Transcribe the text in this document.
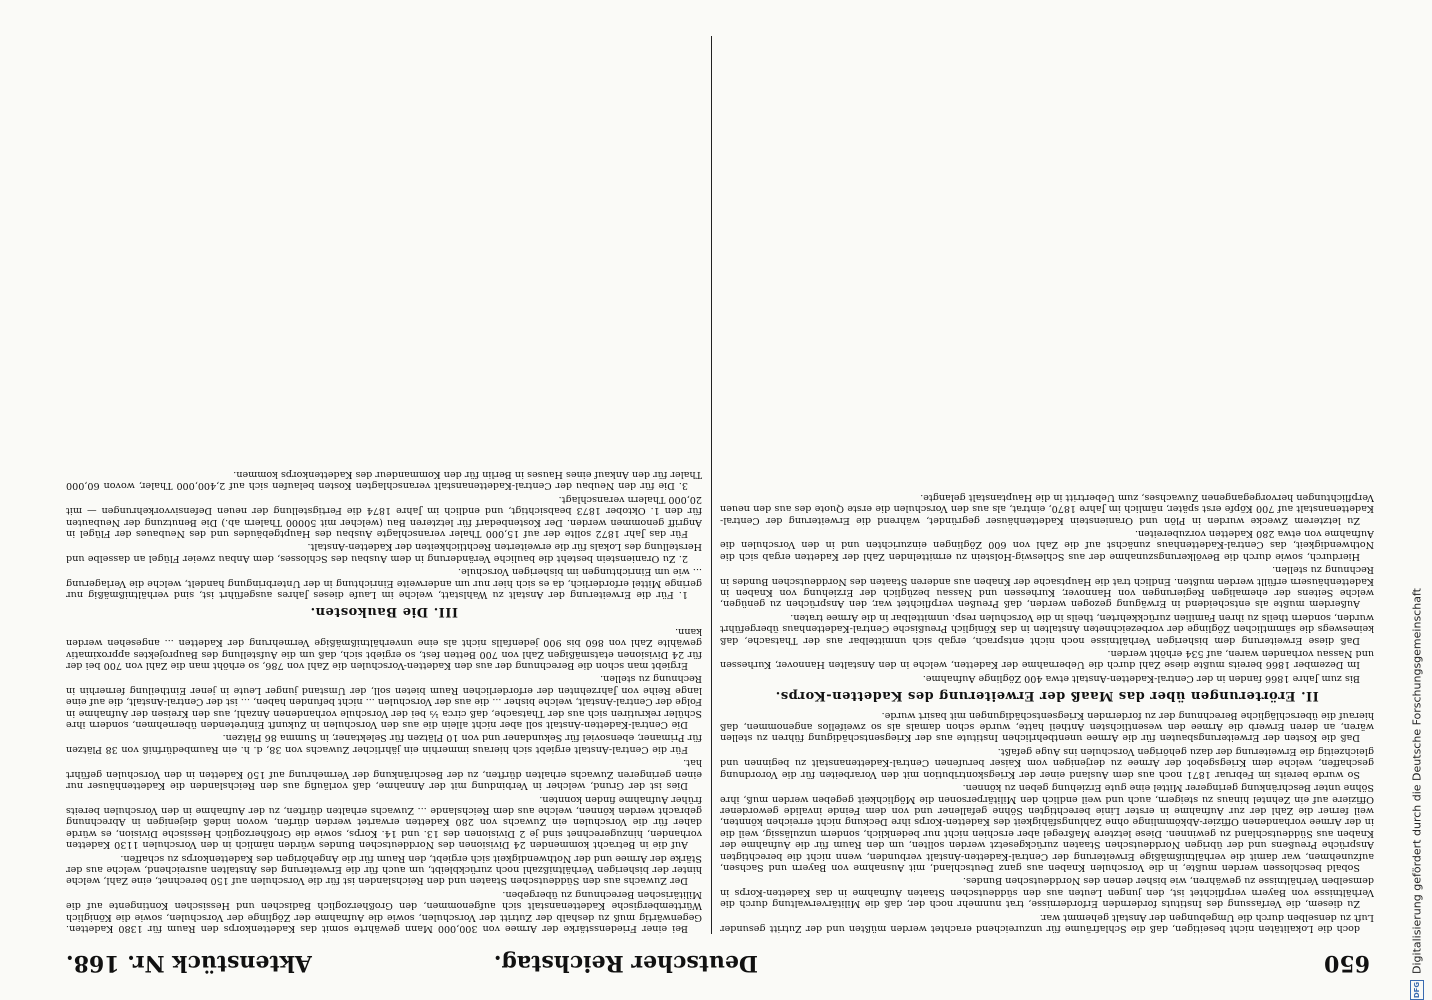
650
Deutscher Reichstag.
Aktenstück Nr. 168.

doch die Lokalitäten nicht beseitigen, daß die Schlafräume für unzureichend erachtet werden müßten und der Zutritt gesunder Luft zu denselben durch die Umgebungen der Anstalt gehemmt war.

Zu diesem, die Verfassung des Instituts fordernden Erfordernisse, trat nunmehr noch der, daß die Militärverwaltung durch die Verhältnisse von Bayern verpflichtet ist, den jungen Leuten aus den süddeutschen Staaten Aufnahme in das Kadetten-Korps in demselben Verhältnisse zu gewähren, wie bisher denen des Norddeutschen Bundes.

Sobald beschlossen werden mußte, in die Vorschulen Knaben aus ganz Deutschland, mit Ausnahme von Bayern und Sachsen, aufzunehmen, war damit die verhältnißmäßige Erweiterung der Central-Kadetten-Anstalt verbunden, wenn nicht die berechtigten Ansprüche Preußens und der übrigen Norddeutschen Staaten zurückgesetzt werden sollten, um den Raum für die Aufnahme der Knaben aus Süddeutschland zu gewinnen. Diese letztere Maßregel aber erschien nicht nur bedenklich, sondern unzulässig, weil die in der Armee vorhandenen Offizier-Abkömmlinge ohne Zahlungsfähigkeit des Kadetten-Korps ihre Deckung nicht erreichen könnten, weil ferner die Zahl der zur Aufnahme in erster Linie berechtigten Söhne gefallener und von dem Feinde invalide gewordener Offiziere auf ein Zehntel hinaus zu steigern, auch und weil endlich den Militärpersonen die Möglichkeit gegeben werden muß, ihre Söhne unter Beschränkung geringerer Mittel eine gute Erziehung geben zu können.

So wurde bereits im Februar 1871 noch aus dem Ausland einer der Kriegskontribution mit den Vorarbeiten für die Vorordnung geschaffen, welche dem Kriegsgebot der Armee zu derjenigen vom Kaiser berufenen Central-Kadettenanstalt zu beginnen und gleichzeitig die Erweiterung der dazu gehörigen Vorschulen ins Auge gefaßt.

Daß die Kosten der Erweiterungsbauten für die Armee unentbehrlichen Institute aus der Kriegsentschädigung führen zu stellen wären, an deren Erwerb die Armee den wesentlichsten Antheil hatte, wurde schon damals als so zweifellos angenommen, daß hierauf die überschlägliche Berechnung der zu fordernden Kriegsentschädigungen mit basirt wurde.

II. Erörterungen über das Maaß der Erweiterung des Kadetten-Korps.

Bis zum Jahre 1866 fanden in der Central-Kadetten-Anstalt etwa 400 Zöglinge Aufnahme.

Im Dezember 1866 bereits mußte diese Zahl durch die Uebernahme der Kadetten, welche in den Anstalten Hannover, Kurhessen und Nassau vorhanden waren, auf 534 erhöht werden.

Daß diese Erweiterung dem bisherigen Verhältnisse noch nicht entsprach, ergab sich unmittelbar aus der Thatsache, daß keineswegs die sämmtlichen Zöglinge der vorbezeichneten Anstalten in das Königlich Preußische Central-Kadettenhaus übergeführt wurden, sondern theils zu ihren Familien zurückkehrten, theils in die Vorschulen resp. unmittelbar in die Armee traten.

Außerdem mußte als entscheidend in Erwägung gezogen werden, daß Preußen verpflichtet war, den Ansprüchen zu genügen, welche Seitens der ehemaligen Regierungen von Hannover, Kurhessen und Nassau bezüglich der Erziehung von Knaben in Kadettenhäusern erfüllt werden mußten. Endlich trat die Hauptsache der Knaben aus anderen Staaten des Norddeutschen Bundes in Rechnung zu stellen.

Hierdurch, sowie durch die Bevölkerungszunahme der aus Schleswig-Holstein zu ermittelnden Zahl der Kadetten ergab sich die Nothwendigkeit, das Central-Kadettenhaus zunächst auf die Zahl von 600 Zöglingen einzurichten und in den Vorschulen die Aufnahme von etwa 280 Kadetten vorzubereiten.

Zu letzterem Zwecke wurden in Plön und Oranienstein Kadettenhäuser gegründet, während die Erweiterung der Central-Kadettenanstalt auf 700 Köpfe erst später, nämlich im Jahre 1870, eintrat, als aus den Vorschulen die erste Quote des aus den neuen Verpflichtungen hervorgegangenen Zuwachses, zum Uebertritt in die Hauptanstalt gelangte.

Bei einer Friedensstärke der Armee von 300,000 Mann gewährte somit das Kadettenkorps den Raum für 1380 Kadetten. Gegenwärtig muß zu deshalb der Zutritt der Vorschulen, sowie die Aufnahme der Zöglinge der Vorschulen, sowie die Königlich Württembergische Kadettenanstalt sich aufgenommen, den Großherzoglich Badischen und Hessischen Kontingente auf die Militärischen Berechnung zu übergeben.

Der Zuwachs aus den Süddeutschen Staaten und den Reichslanden ist für die Vorschulen auf 150 berechnet, eine Zahl, welche hinter der bisherigen Verhältnißzahl noch zurückbleibt, um auch für die Erweiterung des Anstalten ausreichend, welche aus der Stärke der Armee und der Nothwendigkeit sich ergiebt, den Raum für die Angehörigen des Kadettenkorps zu schaffen.

Auf die in Betracht kommenden 24 Divisionen des Norddeutschen Bundes würden nämlich in den Vorschulen 1130 Kadetten vorhanden, hinzugerechnet sind je 2 Divisionen des 13. und 14. Korps, sowie die Großherzoglich Hessische Division, es würde daher für die Vorschulen ein Zuwachs von 280 Kadetten erwartet werden dürfen, wovon indeß diejenigen in Abrechnung gebracht werden können, welche aus dem Reichslande ... Zuwachs erhalten dürften, zu der Aufnahme in den Vorschulen bereits früher Aufnahme finden konnten.

Dies ist der Grund, welcher in Verbindung mit der Annahme, daß vorläufig aus den Reichslanden die Kadettenhäuser nur einen geringeren Zuwachs erhalten dürften, zu der Beschränkung der Vermehrung auf 150 Kadetten in den Vorschulen geführt hat.

Für die Central-Anstalt ergiebt sich hieraus immerhin ein jährlicher Zuwachs von 38, d. h. ein Raumbedürfniß von 38 Plätzen für Primaner, ebensoviel für Sekundaner und von 10 Plätzen für Selektaner, in Summa 86 Plätzen.

Die Central-Kadetten-Anstalt soll aber nicht allein die aus den Vorschulen in Zukunft Eintretenden übernehmen, sondern ihre Schüler rekrutiren sich aus der Thatsache, daß circa ⅓ bei der Vorschule vorhandenen Anzahl, aus den Kreisen der Aufnahme in Folge der Central-Anstalt, welche bisher ... die aus der Vorschulen ... nicht befunden haben, ... ist der Central-Anstalt, die auf eine lange Reihe von Jahrzehnten der erforderlichen Raum bieten soll, der Umstand junger Leute in jener Eintheilung fernerhin in Rechnung zu stellen.

Ergiebt man schon die Berechnung der aus den Kadetten-Vorschulen die Zahl von 786, so erhöht man die Zahl von 700 bei der für 24 Divisionen etatsmäßigen Zahl von 700 Betten fest, so ergiebt sich, daß um die Aufstellung des Bauprojektes approximativ gewählte Zahl von 860 bis 900 jedenfalls nicht als eine unverhältnißmäßige Vermehrung der Kadetten ... angesehen werden kann.

III. Die Baukosten.

1. Für die Erweiterung der Anstalt zu Wahlstatt, welche im Laufe dieses Jahres ausgeführt ist, sind verhältnißmäßig nur geringe Mittel erforderlich, da es sich hier nur um anderweite Einrichtung in der Unterbringung handelt, welche die Verlagerung ... wie um Einrichtungen im bisherigen Vorschule.

2. Zu Oranienstein besteht die bauliche Veränderung in dem Ausbau des Schlosses, dem Anbau zweier Flügel an dasselbe und Herstellung des Lokals für die erweiterten Rechtlichkeiten der Kadetten-Anstalt.

Für das Jahr 1872 sollte der auf 15,000 Thaler veranschlagte Ausbau des Hauptgebäudes und des Neubaues der Flügel in Angriff genommen werden. Der Kostenbedarf für letzteren Bau (welcher mit 50000 Thalern ab.) Die Benutzung der Neubauten für den 1. Oktober 1873 beabsichtigt, und endlich im Jahre 1874 die Fertigstellung der neuen Defensivvorkehrungen — mit 20,000 Thalern veranschlagt.

3. Die für den Neubau der Central-Kadettenanstalt veranschlagten Kosten belaufen sich auf 2,400,000 Thaler, wovon 60,000 Thaler für den Ankauf eines Hauses in Berlin für den Kommandeur des Kadettenkorps kommen.

DFGDigitalisierung gefördert durch die Deutsche Forschungsgemeinschaft
